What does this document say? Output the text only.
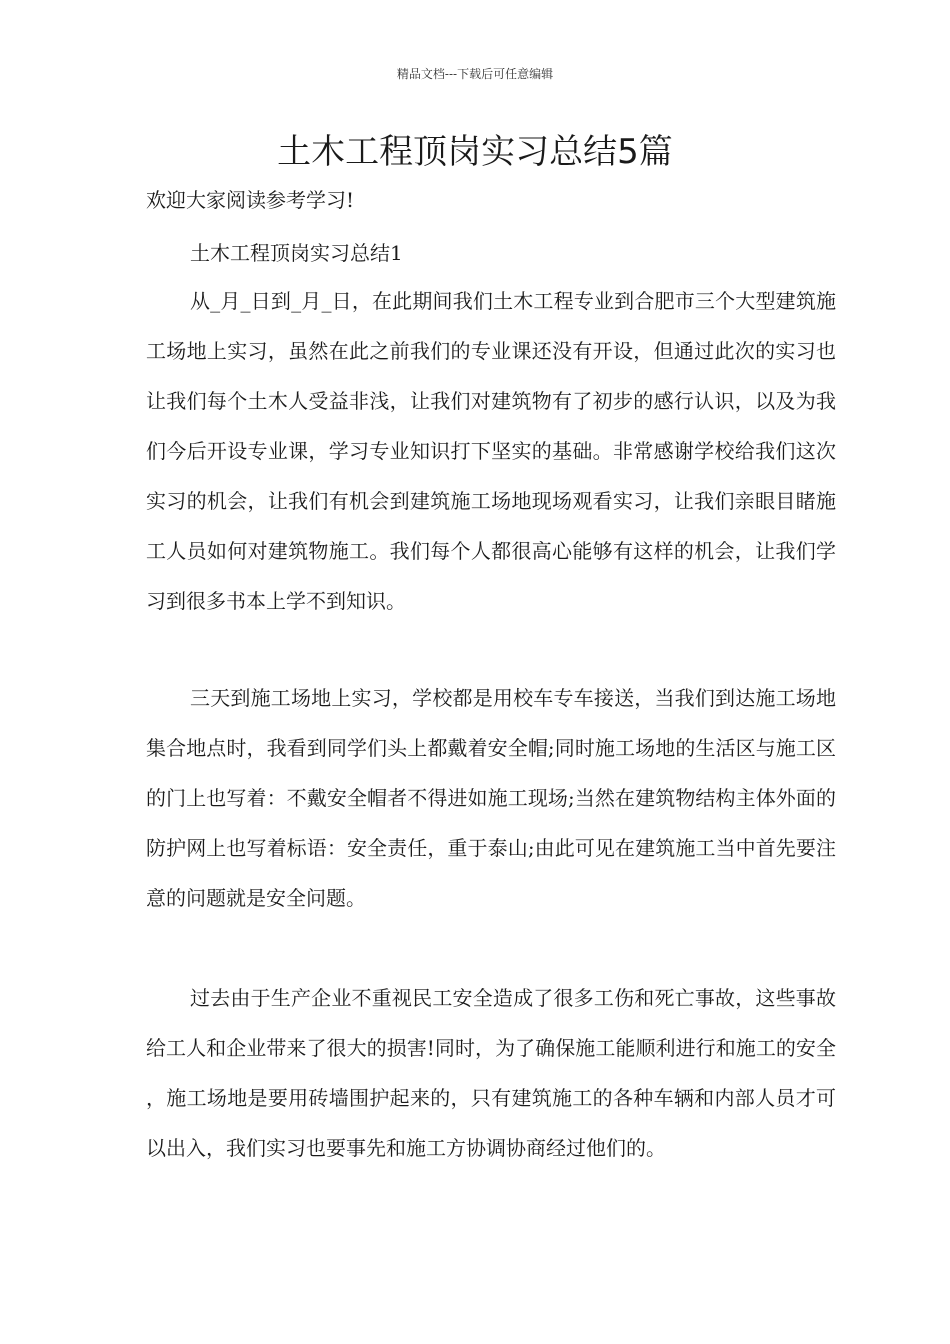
精品文档---下载后可任意编辑
土木工程顶岗实习总结5篇

欢迎大家阅读参考学习!

土木工程顶岗实习总结1

从_月_日到_月_日，在此期间我们土木工程专业到合肥市三个大型建筑施工场地上实习，虽然在此之前我们的专业课还没有开设，但通过此次的实习也让我们每个土木人受益非浅，让我们对建筑物有了初步的感行认识，以及为我们今后开设专业课，学习专业知识打下坚实的基础。非常感谢学校给我们这次实习的机会，让我们有机会到建筑施工场地现场观看实习，让我们亲眼目睹施工人员如何对建筑物施工。我们每个人都很高心能够有这样的机会，让我们学习到很多书本上学不到知识。

三天到施工场地上实习，学校都是用校车专车接送，当我们到达施工场地集合地点时，我看到同学们头上都戴着安全帽;同时施工场地的生活区与施工区的门上也写着：不戴安全帽者不得进如施工现场;当然在建筑物结构主体外面的防护网上也写着标语：安全责任，重于泰山;由此可见在建筑施工当中首先要注意的问题就是安全问题。

过去由于生产企业不重视民工安全造成了很多工伤和死亡事故，这些事故给工人和企业带来了很大的损害!同时，为了确保施工能顺利进行和施工的安全，施工场地是要用砖墙围护起来的，只有建筑施工的各种车辆和内部人员才可以出入，我们实习也要事先和施工方协调协商经过他们的。
